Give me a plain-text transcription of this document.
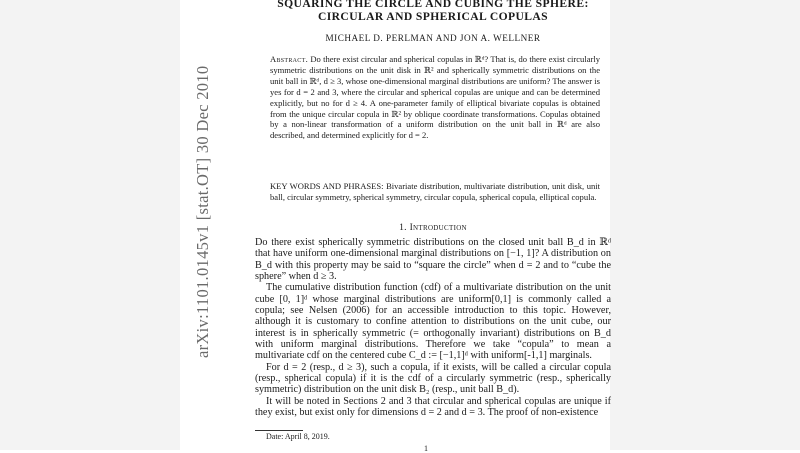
arXiv:1101.0145v1 [stat.OT] 30 Dec 2010
SQUARING THE CIRCLE AND CUBING THE SPHERE:
CIRCULAR AND SPHERICAL COPULAS
MICHAEL D. PERLMAN AND JON A. WELLNER
Abstract. Do there exist circular and spherical copulas in ℝᵈ? That is, do there exist circularly symmetric distributions on the unit disk in ℝ² and spherically symmetric distributions on the unit ball in ℝᵈ, d ≥ 3, whose one-dimensional marginal distributions are uniform? The answer is yes for d = 2 and 3, where the circular and spherical copulas are unique and can be determined explicitly, but no for d ≥ 4. A one-parameter family of elliptical bivariate copulas is obtained from the unique circular copula in ℝ² by oblique coordinate transformations. Copulas obtained by a non-linear transformation of a uniform distribution on the unit ball in ℝᵈ are also described, and determined explicitly for d = 2.
KEY WORDS AND PHRASES: Bivariate distribution, multivariate distribution, unit disk, unit ball, circular symmetry, spherical symmetry, circular copula, spherical copula, elliptical copula.
1. Introduction

Do there exist spherically symmetric distributions on the closed unit ball B_d in ℝᵈ that have uniform one-dimensional marginal distributions on [−1, 1]? A distribution on B_d with this property may be said to “square the circle” when d = 2 and to “cube the sphere” when d ≥ 3.

The cumulative distribution function (cdf) of a multivariate distribution on the unit cube [0, 1]ᵈ whose marginal distributions are uniform[0,1] is commonly called a copula; see Nelsen (2006) for an accessible introduction to this topic. However, although it is customary to confine attention to distributions on the unit cube, our interest is in spherically symmetric (= orthogonally invariant) distributions on B_d with uniform marginal distributions. Therefore we take “copula” to mean a multivariate cdf on the centered cube C_d := [−1,1]ᵈ with uniform[-1,1] marginals.

For d = 2 (resp., d ≥ 3), such a copula, if it exists, will be called a circular copula (resp., spherical copula) if it is the cdf of a circularly symmetric (resp., spherically symmetric) distribution on the unit disk B₂ (resp., unit ball B_d).

It will be noted in Sections 2 and 3 that circular and spherical copulas are unique if they exist, but exist only for dimensions d = 2 and d = 3. The proof of non-existence

Date: April 8, 2019.
1
